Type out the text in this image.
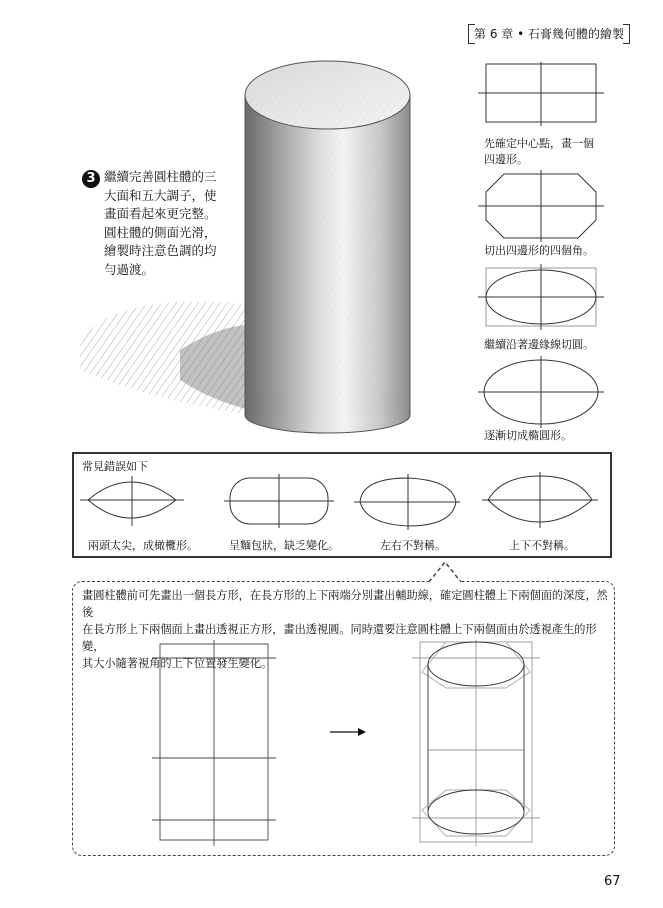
第 6 章 • 石膏幾何體的繪製
3 繼續完善圓柱體的三
大面和五大調子，使
畫面看起來更完整。
圓柱體的側面光滑，
繪製時注意色調的均
勻過渡。
先確定中心點，畫一個
四邊形。
切出四邊形的四個角。
繼續沿著邊緣線切圓。
逐漸切成橢圓形。
常見錯誤如下
兩頭太尖，成橄欖形。	呈麵包狀，缺乏變化。	左右不對稱。	上下不對稱。
畫圓柱體前可先畫出一個長方形，在長方形的上下兩端分別畫出輔助線，確定圓柱體上下兩個面的深度，然後
在長方形上下兩個面上畫出透視正方形，畫出透視圓。同時還要注意圓柱體上下兩個面由於透視產生的形變，
其大小隨著視角的上下位置發生變化。
67
